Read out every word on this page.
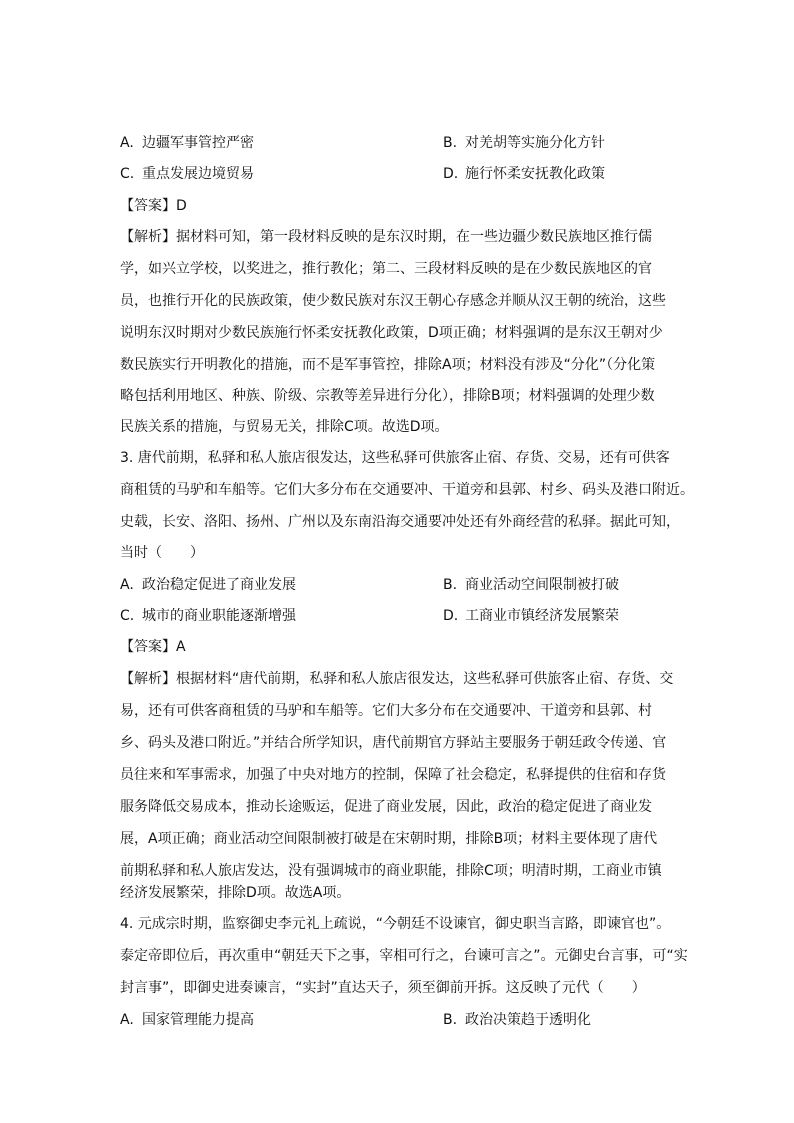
A. 边疆军事管控严密	B. 对羌胡等实施分化方针
C. 重点发展边境贸易	D. 施行怀柔安抚教化政策
【答案】D
【解析】据材料可知，第一段材料反映的是东汉时期，在一些边疆少数民族地区推行儒
学，如兴立学校，以奖进之，推行教化；第二、三段材料反映的是在少数民族地区的官
员，也推行开化的民族政策，使少数民族对东汉王朝心存感念并顺从汉王朝的统治，这些
说明东汉时期对少数民族施行怀柔安抚教化政策，D项正确；材料强调的是东汉王朝对少
数民族实行开明教化的措施，而不是军事管控，排除A项；材料没有涉及“分化”（分化策
略包括利用地区、种族、阶级、宗教等差异进行分化），排除B项；材料强调的处理少数
民族关系的措施，与贸易无关，排除C项。故选D项。
3. 唐代前期，私驿和私人旅店很发达，这些私驿可供旅客止宿、存货、交易，还有可供客
商租赁的马驴和车船等。它们大多分布在交通要冲、干道旁和县郭、村乡、码头及港口附近。
史载，长安、洛阳、扬州、广州以及东南沿海交通要冲处还有外商经营的私驿。据此可知，
当时（　　）
A. 政治稳定促进了商业发展	B. 商业活动空间限制被打破
C. 城市的商业职能逐渐增强	D. 工商业市镇经济发展繁荣
【答案】A
【解析】根据材料“唐代前期，私驿和私人旅店很发达，这些私驿可供旅客止宿、存货、交
易，还有可供客商租赁的马驴和车船等。它们大多分布在交通要冲、干道旁和县郭、村
乡、码头及港口附近。”并结合所学知识，唐代前期官方驿站主要服务于朝廷政令传递、官
员往来和军事需求，加强了中央对地方的控制，保障了社会稳定，私驿提供的住宿和存货
服务降低交易成本，推动长途贩运，促进了商业发展，因此，政治的稳定促进了商业发
展，A项正确；商业活动空间限制被打破是在宋朝时期，排除B项；材料主要体现了唐代
前期私驿和私人旅店发达，没有强调城市的商业职能，排除C项；明清时期，工商业市镇
经济发展繁荣，排除D项。故选A项。
4. 元成宗时期，监察御史李元礼上疏说，“今朝廷不设谏官，御史职当言路，即谏官也”。
泰定帝即位后，再次重申“朝廷天下之事，宰相可行之，台谏可言之”。元御史台言事，可“实
封言事”，即御史进奏谏言，“实封”直达天子，须至御前开拆。这反映了元代（　　）
A. 国家管理能力提高	B. 政治决策趋于透明化
